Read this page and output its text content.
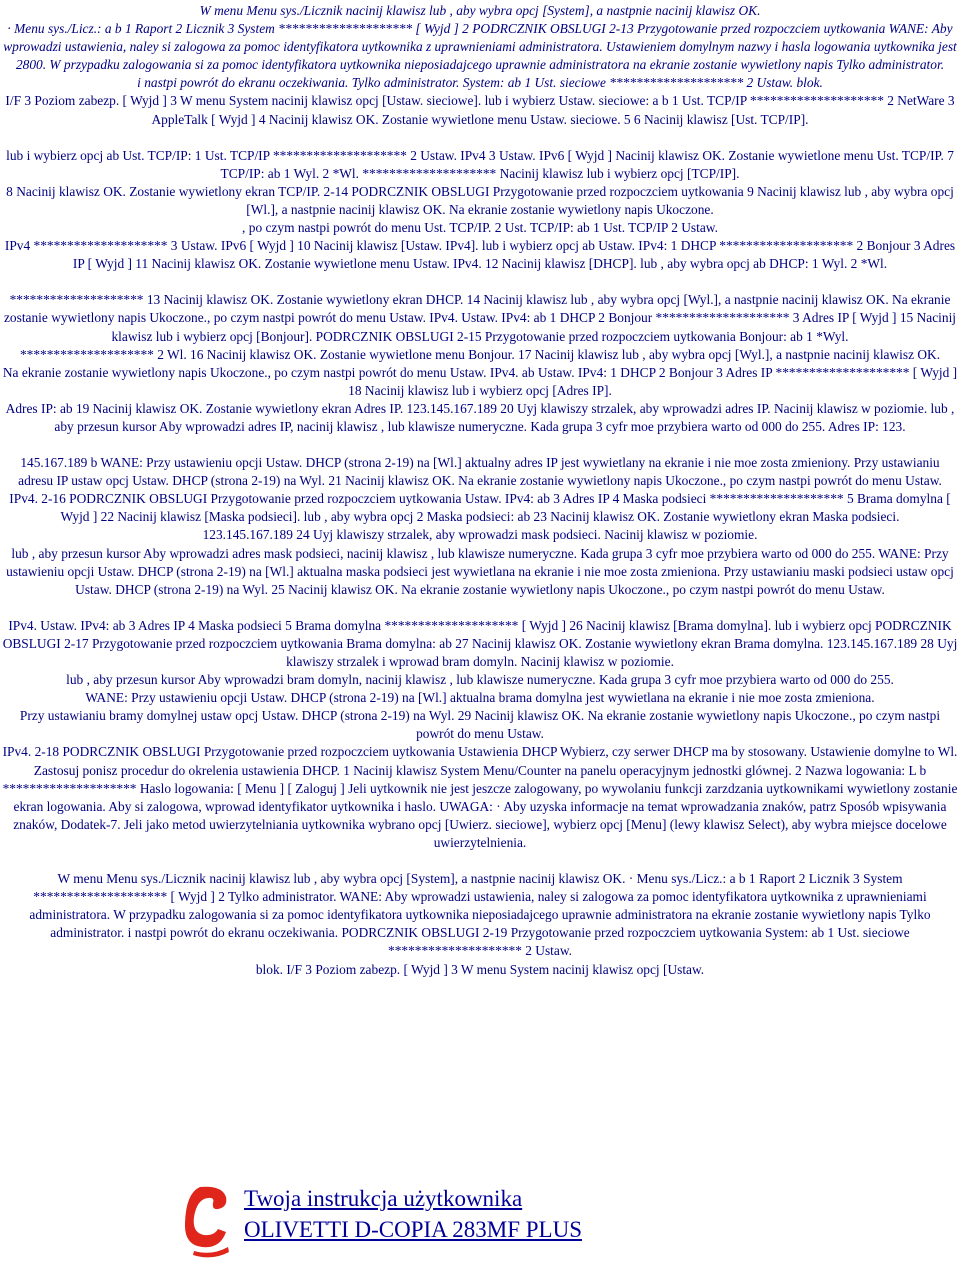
W menu Menu sys./Licznik nacinij klawisz lub , aby wybra opcj [System], a nastpnie nacinij klawisz OK.

· Menu sys./Licz.: a b 1 Raport 2 Licznik 3 System ******************** [ Wyjd ] 2 PODRCZNIK OBSLUGI 2-13 Przygotowanie przed rozpoczciem uytkowania WANE: Aby wprowadzi ustawienia, naley si zalogowa za pomoc identyfikatora uytkownika z uprawnieniami administratora. Ustawieniem domylnym nazwy i hasla logowania uytkownika jest 2800. W przypadku zalogowania si za pomoc identyfikatora uytkownika nieposiadajcego uprawnie administratora na ekranie zostanie wywietlony napis Tylko administrator.

i nastpi powrót do ekranu oczekiwania. Tylko administrator. System: ab 1 Ust. sieciowe ******************** 2 Ustaw. blok.

I/F 3 Poziom zabezp. [ Wyjd ] 3 W menu System nacinij klawisz opcj [Ustaw. sieciowe]. lub i wybierz Ustaw. sieciowe: a b 1 Ust. TCP/IP ******************** 2 NetWare 3 AppleTalk [ Wyjd ] 4 Nacinij klawisz OK. Zostanie wywietlone menu Ustaw. sieciowe. 5 6 Nacinij klawisz [Ust. TCP/IP].

lub i wybierz opcj ab Ust. TCP/IP: 1 Ust. TCP/IP ******************** 2 Ustaw. IPv4 3 Ustaw. IPv6 [ Wyjd ] Nacinij klawisz OK. Zostanie wywietlone menu Ust. TCP/IP. 7 TCP/IP: ab 1 Wyl. 2 *Wl. ******************** Nacinij klawisz lub i wybierz opcj [TCP/IP].

8 Nacinij klawisz OK. Zostanie wywietlony ekran TCP/IP. 2-14 PODRCZNIK OBSLUGI Przygotowanie przed rozpoczciem uytkowania 9 Nacinij klawisz lub , aby wybra opcj [Wl.], a nastpnie nacinij klawisz OK. Na ekranie zostanie wywietlony napis Ukoczone.

, po czym nastpi powrót do menu Ust. TCP/IP. 2 Ust. TCP/IP: ab 1 Ust. TCP/IP 2 Ustaw.

IPv4 ******************** 3 Ustaw. IPv6 [ Wyjd ] 10 Nacinij klawisz [Ustaw. IPv4]. lub i wybierz opcj ab Ustaw. IPv4: 1 DHCP ******************** 2 Bonjour 3 Adres IP [ Wyjd ] 11 Nacinij klawisz OK. Zostanie wywietlone menu Ustaw. IPv4. 12 Nacinij klawisz [DHCP]. lub , aby wybra opcj ab DHCP: 1 Wyl. 2 *Wl.

******************** 13 Nacinij klawisz OK. Zostanie wywietlony ekran DHCP. 14 Nacinij klawisz lub , aby wybra opcj [Wyl.], a nastpnie nacinij klawisz OK. Na ekranie zostanie wywietlony napis Ukoczone., po czym nastpi powrót do menu Ustaw. IPv4. Ustaw. IPv4: ab 1 DHCP 2 Bonjour ******************** 3 Adres IP [ Wyjd ] 15 Nacinij klawisz lub i wybierz opcj [Bonjour]. PODRCZNIK OBSLUGI 2-15 Przygotowanie przed rozpoczciem uytkowania Bonjour: ab 1 *Wyl.

******************** 2 Wl. 16 Nacinij klawisz OK. Zostanie wywietlone menu Bonjour. 17 Nacinij klawisz lub , aby wybra opcj [Wyl.], a nastpnie nacinij klawisz OK.

Na ekranie zostanie wywietlony napis Ukoczone., po czym nastpi powrót do menu Ustaw. IPv4. ab Ustaw. IPv4: 1 DHCP 2 Bonjour 3 Adres IP ******************** [ Wyjd ] 18 Nacinij klawisz lub i wybierz opcj [Adres IP].

Adres IP: ab 19 Nacinij klawisz OK. Zostanie wywietlony ekran Adres IP. 123.145.167.189 20 Uyj klawiszy strzalek, aby wprowadzi adres IP. Nacinij klawisz w poziomie. lub , aby przesun kursor Aby wprowadzi adres IP, nacinij klawisz , lub klawisze numeryczne. Kada grupa 3 cyfr moe przybiera warto od 000 do 255. Adres IP: 123.

145.167.189 b WANE: Przy ustawieniu opcji Ustaw. DHCP (strona 2-19) na [Wl.] aktualny adres IP jest wywietlany na ekranie i nie moe zosta zmieniony. Przy ustawianiu adresu IP ustaw opcj Ustaw. DHCP (strona 2-19) na Wyl. 21 Nacinij klawisz OK. Na ekranie zostanie wywietlony napis Ukoczone., po czym nastpi powrót do menu Ustaw.

IPv4. 2-16 PODRCZNIK OBSLUGI Przygotowanie przed rozpoczciem uytkowania Ustaw. IPv4: ab 3 Adres IP 4 Maska podsieci ******************** 5 Brama domylna [ Wyjd ] 22 Nacinij klawisz [Maska podsieci]. lub , aby wybra opcj 2 Maska podsieci: ab 23 Nacinij klawisz OK. Zostanie wywietlony ekran Maska podsieci.

123.145.167.189 24 Uyj klawiszy strzalek, aby wprowadzi mask podsieci. Nacinij klawisz w poziomie.

lub , aby przesun kursor Aby wprowadzi adres mask podsieci, nacinij klawisz , lub klawisze numeryczne. Kada grupa 3 cyfr moe przybiera warto od 000 do 255. WANE: Przy ustawieniu opcji Ustaw. DHCP (strona 2-19) na [Wl.] aktualna maska podsieci jest wywietlana na ekranie i nie moe zosta zmieniona. Przy ustawianiu maski podsieci ustaw opcj Ustaw. DHCP (strona 2-19) na Wyl. 25 Nacinij klawisz OK. Na ekranie zostanie wywietlony napis Ukoczone., po czym nastpi powrót do menu Ustaw.

IPv4. Ustaw. IPv4: ab 3 Adres IP 4 Maska podsieci 5 Brama domylna ******************** [ Wyjd ] 26 Nacinij klawisz [Brama domylna]. lub i wybierz opcj PODRCZNIK OBSLUGI 2-17 Przygotowanie przed rozpoczciem uytkowania Brama domylna: ab 27 Nacinij klawisz OK. Zostanie wywietlony ekran Brama domylna. 123.145.167.189 28 Uyj klawiszy strzalek i wprowad bram domyln. Nacinij klawisz w poziomie.

lub , aby przesun kursor Aby wprowadzi bram domyln, nacinij klawisz , lub klawisze numeryczne. Kada grupa 3 cyfr moe przybiera warto od 000 do 255.

WANE: Przy ustawieniu opcji Ustaw. DHCP (strona 2-19) na [Wl.] aktualna brama domylna jest wywietlana na ekranie i nie moe zosta zmieniona.

Przy ustawianiu bramy domylnej ustaw opcj Ustaw. DHCP (strona 2-19) na Wyl. 29 Nacinij klawisz OK. Na ekranie zostanie wywietlony napis Ukoczone., po czym nastpi powrót do menu Ustaw.

IPv4. 2-18 PODRCZNIK OBSLUGI Przygotowanie przed rozpoczciem uytkowania Ustawienia DHCP Wybierz, czy serwer DHCP ma by stosowany. Ustawienie domylne to Wl. Zastosuj ponisz procedur do okrelenia ustawienia DHCP. 1 Nacinij klawisz System Menu/Counter na panelu operacyjnym jednostki glównej. 2 Nazwa logowania: L b ******************** Haslo logowania: [ Menu ] [ Zaloguj ] Jeli uytkownik nie jest jeszcze zalogowany, po wywolaniu funkcji zarzdzania uytkownikami wywietlony zostanie ekran logowania. Aby si zalogowa, wprowad identyfikator uytkownika i haslo. UWAGA: · Aby uzyska informacje na temat wprowadzania znaków, patrz Sposób wpisywania znaków, Dodatek-7. Jeli jako metod uwierzytelniania uytkownika wybrano opcj [Uwierz. sieciowe], wybierz opcj [Menu] (lewy klawisz Select), aby wybra miejsce docelowe uwierzytelnienia.

W menu Menu sys./Licznik nacinij klawisz lub , aby wybra opcj [System], a nastpnie nacinij klawisz OK. · Menu sys./Licz.: a b 1 Raport 2 Licznik 3 System ******************** [ Wyjd ] 2 Tylko administrator. WANE: Aby wprowadzi ustawienia, naley si zalogowa za pomoc identyfikatora uytkownika z uprawnieniami administratora. W przypadku zalogowania si za pomoc identyfikatora uytkownika nieposiadajcego uprawnie administratora na ekranie zostanie wywietlony napis Tylko administrator. i nastpi powrót do ekranu oczekiwania. PODRCZNIK OBSLUGI 2-19 Przygotowanie przed rozpoczciem uytkowania System: ab 1 Ust. sieciowe ******************** 2 Ustaw.

blok. I/F 3 Poziom zabezp. [ Wyjd ] 3 W menu System nacinij klawisz opcj [Ustaw.

Twoja instrukcja użytkownika
OLIVETTI D-COPIA 283MF PLUS
